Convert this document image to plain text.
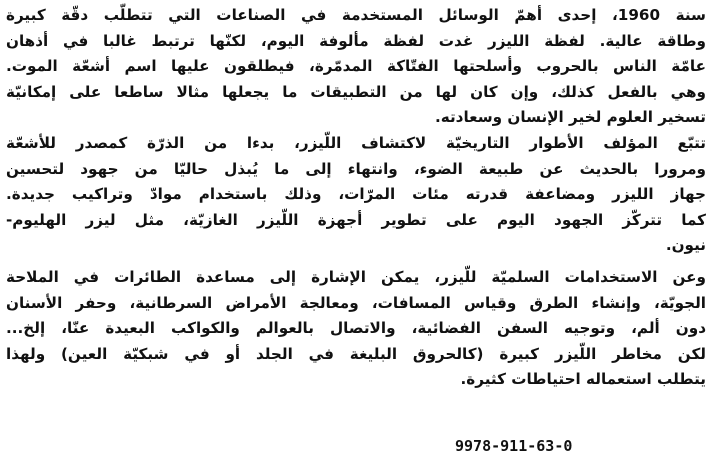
سنة 1960، إحدى أهمّ الوسائل المستخدمة في الصناعات التي تتطلّب دقّة كبيرة
وطاقة عالية. لفظة الليزر غدت لفظة مألوفة اليوم، لكنّها ترتبط غالبا في أذهان
عامّة الناس بالحروب وأسلحتها الفتّاكة المدمّرة، فيطلقون عليها اسم أشعّة الموت.
وهي بالفعل كذلك، وإن كان لها من التطبيقات ما يجعلها مثالا ساطعا على إمكانيّة
تسخير العلوم لخير الإنسان وسعادته.
تتبّع المؤلف الأطوار التاريخيّة لاكتشاف اللّيزر، بدءا من الذرّة كمصدر للأشعّة
ومرورا بالحديث عن طبيعة الضوء، وانتهاء إلى ما يُبذل حاليّا من جهود لتحسين
جهاز الليزر ومضاعفة قدرته مئات المرّات، وذلك باستخدام موادّ وتراكيب جديدة.
كما تتركّز الجهود اليوم على تطوير أجهزة اللّيزر الغازيّة، مثل ليزر الهليوم-
نيون.
وعن الاستخدامات السلميّة للّيزر، يمكن الإشارة إلى مساعدة الطائرات في الملاحة
الجويّة، وإنشاء الطرق وقياس المسافات، ومعالجة الأمراض السرطانية، وحفر الأسنان
دون ألم، وتوجيه السفن الفضائية، والاتصال بالعوالم والكواكب البعيدة عنّا، إلخ...
لكن مخاطر اللّيزر كبيرة (كالحروق البليغة في الجلد أو في شبكيّة العين) ولهذا
يتطلب استعماله احتياطات كثيرة.
9978-911-63-0
